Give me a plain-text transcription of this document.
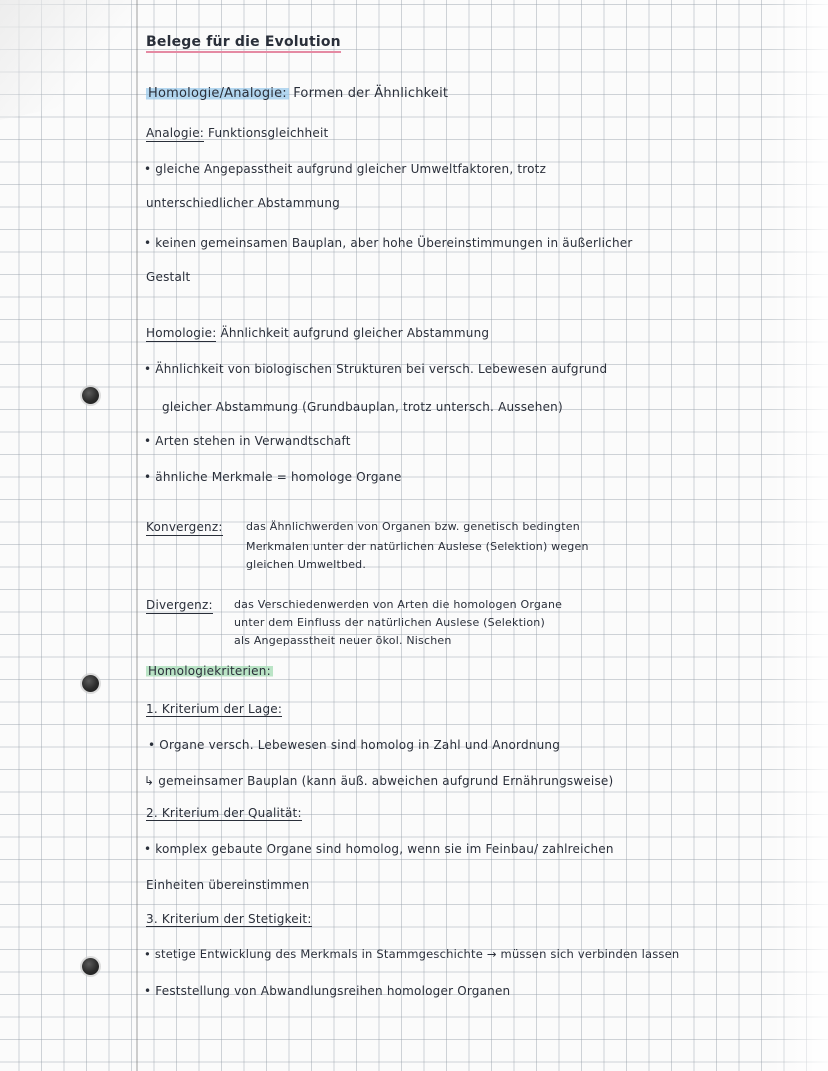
Belege für die Evolution
Homologie/Analogie: Formen der Ähnlichkeit
Analogie: Funktionsgleichheit
• gleiche Angepasstheit aufgrund gleicher Umweltfaktoren, trotz
unterschiedlicher Abstammung
• keinen gemeinsamen Bauplan, aber hohe Übereinstimmungen in äußerlicher
Gestalt
Homologie: Ähnlichkeit aufgrund gleicher Abstammung
• Ähnlichkeit von biologischen Strukturen bei versch. Lebewesen aufgrund
gleicher Abstammung (Grundbauplan, trotz untersch. Aussehen)
• Arten stehen in Verwandtschaft
• ähnliche Merkmale = homologe Organe
Konvergenz: das Ähnlichwerden von Organen bzw. genetisch bedingten
Merkmalen unter der natürlichen Auslese (Selektion) wegen
gleichen Umweltbed.
Divergenz: das Verschiedenwerden von Arten die homologen Organe
unter dem Einfluss der natürlichen Auslese (Selektion)
als Angepasstheit neuer ökol. Nischen
Homologiekriterien:
1. Kriterium der Lage:
• Organe versch. Lebewesen sind homolog in Zahl und Anordnung
↳ gemeinsamer Bauplan (kann äuß. abweichen aufgrund Ernährungsweise)
2. Kriterium der Qualität:
• komplex gebaute Organe sind homolog, wenn sie im Feinbau/ zahlreichen
Einheiten übereinstimmen
3. Kriterium der Stetigkeit:
• stetige Entwicklung des Merkmals in Stammgeschichte → müssen sich verbinden lassen
• Feststellung von Abwandlungsreihen homologer Organen
